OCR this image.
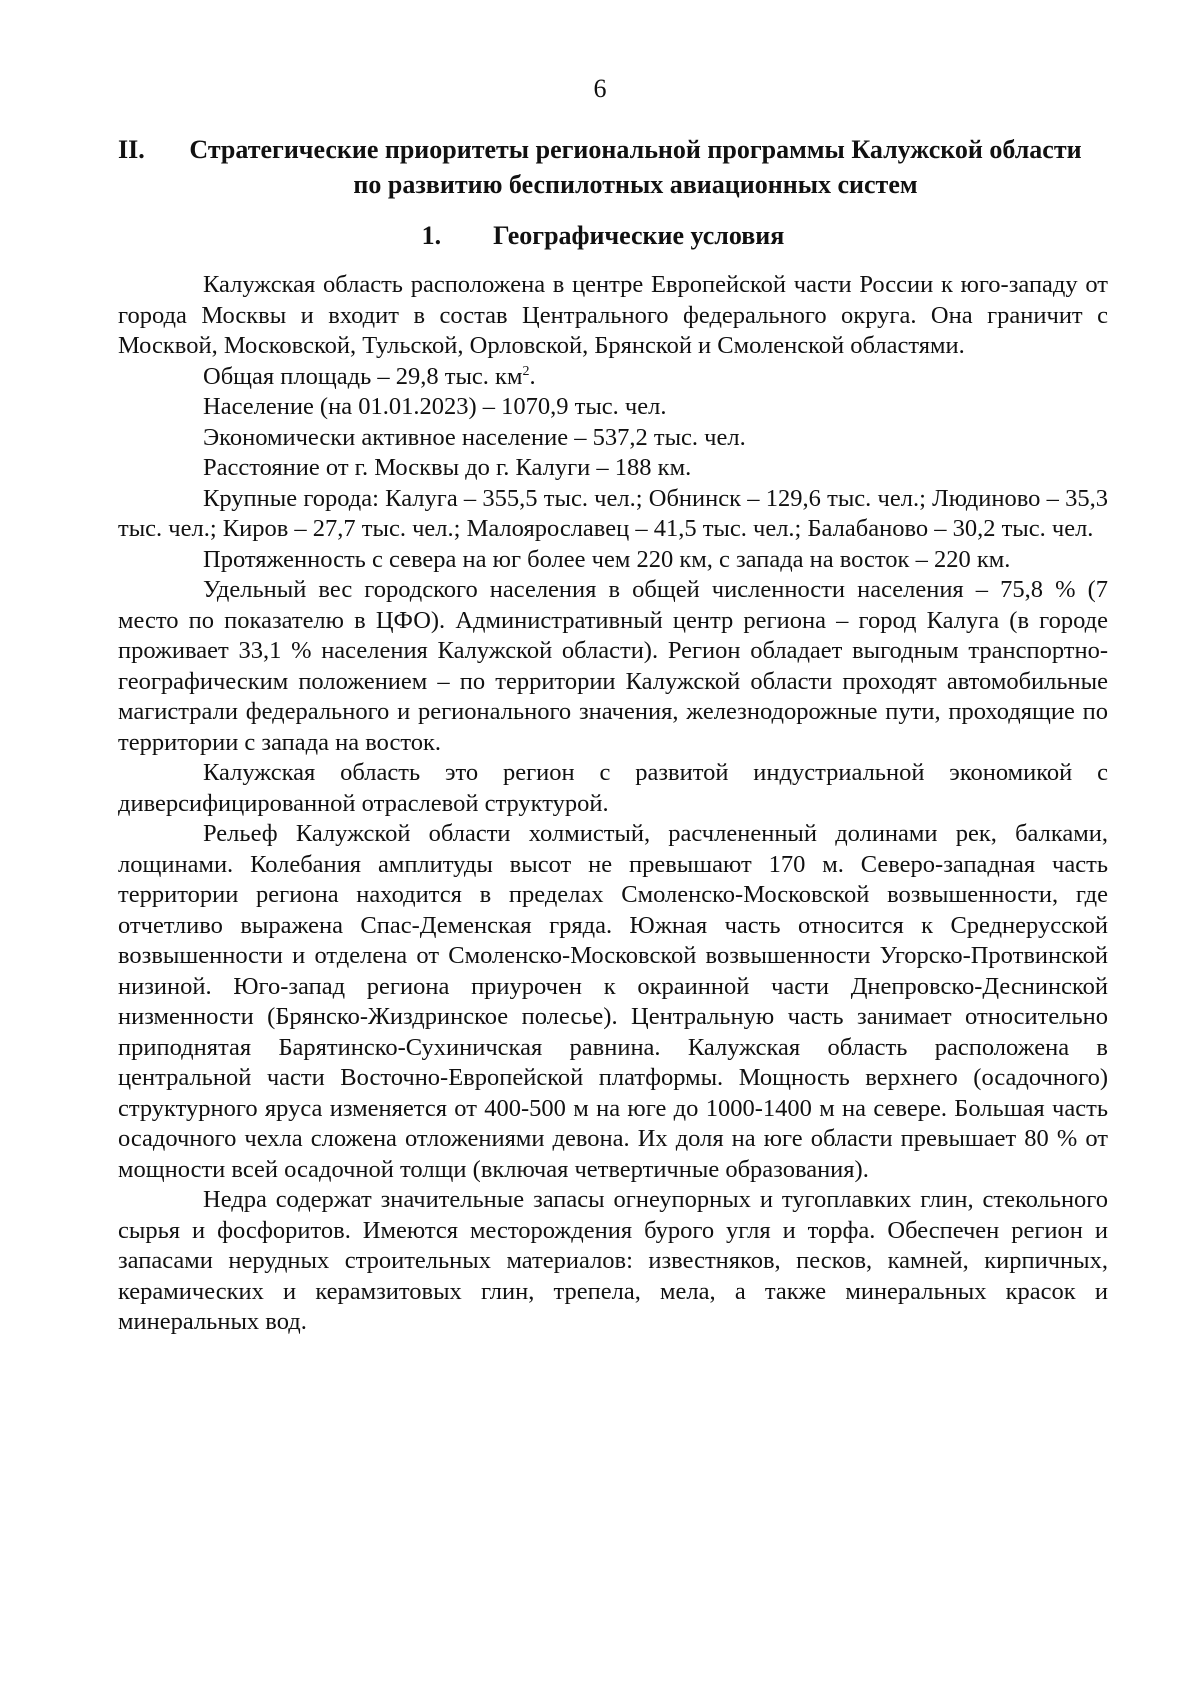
6
II. Стратегические приоритеты региональной программы Калужской области по развитию беспилотных авиационных систем
1. Географические условия

Калужская область расположена в центре Европейской части России к юго-западу от города Москвы и входит в состав Центрального федерального округа. Она граничит с Москвой, Московской, Тульской, Орловской, Брянской и Смоленской областями.

Общая площадь – 29,8 тыс. $км^2$.

Население (на 01.01.2023) – 1070,9 тыс. чел.

Экономически активное население – 537,2 тыс. чел.

Расстояние от г. Москвы до г. Калуги – 188 км.

Крупные города: Калуга – 355,5 тыс. чел.; Обнинск – 129,6 тыс. чел.; Людиново – 35,3 тыс. чел.; Киров – 27,7 тыс. чел.; Малоярославец – 41,5 тыс. чел.; Балабаново – 30,2 тыс. чел.

Протяженность с севера на юг более чем 220 км, с запада на восток – 220 км.

Удельный вес городского населения в общей численности населения – 75,8 % (7 место по показателю в ЦФО). Административный центр региона – город Калуга (в городе проживает 33,1 % населения Калужской области). Регион обладает выгодным транспортно-географическим положением – по территории Калужской области проходят автомобильные магистрали федерального и регионального значения, железнодорожные пути, проходящие по территории с запада на восток.

Калужская область это регион с развитой индустриальной экономикой с диверсифицированной отраслевой структурой.

Рельеф Калужской области холмистый, расчлененный долинами рек, балками, лощинами. Колебания амплитуды высот не превышают 170 м. Северо-западная часть территории региона находится в пределах Смоленско-Московской возвышенности, где отчетливо выражена Спас-Деменская гряда. Южная часть относится к Среднерусской возвышенности и отделена от Смоленско-Московской возвышенности Угорско-Протвинской низиной. Юго-запад региона приурочен к окраинной части Днепровско-Деснинской низменности (Брянско-Жиздринское полесье). Центральную часть занимает относительно приподнятая Барятинско-Сухиничская равнина. Калужская область расположена в центральной части Восточно-Европейской платформы. Мощность верхнего (осадочного) структурного яруса изменяется от 400-500 м на юге до 1000-1400 м на севере. Большая часть осадочного чехла сложена отложениями девона. Их доля на юге области превышает 80 % от мощности всей осадочной толщи (включая четвертичные образования).

Недра содержат значительные запасы огнеупорных и тугоплавких глин, стекольного сырья и фосфоритов. Имеются месторождения бурого угля и торфа. Обеспечен регион и запасами нерудных строительных материалов: известняков, песков, камней, кирпичных, керамических и керамзитовых глин, трепела, мела, а также минеральных красок и минеральных вод.
